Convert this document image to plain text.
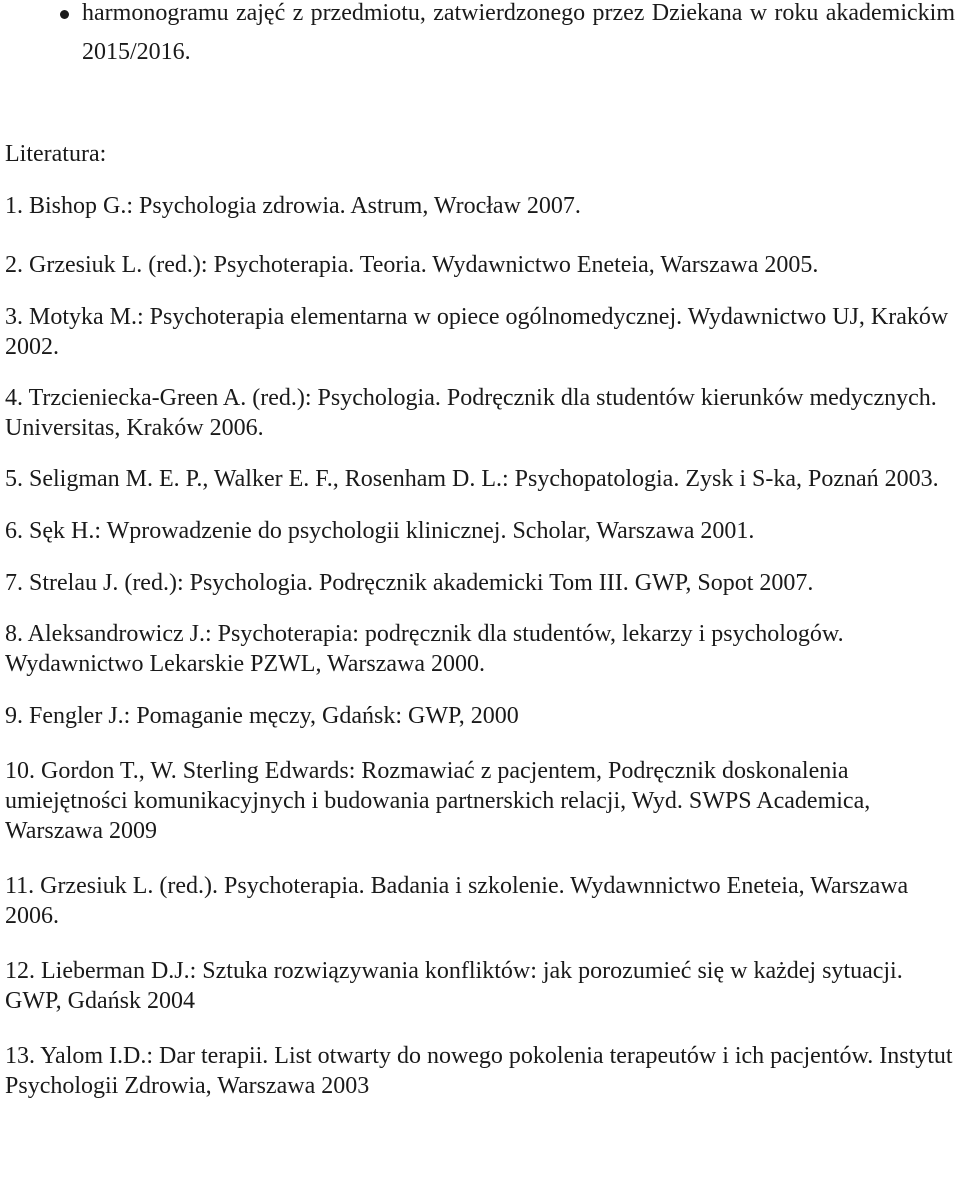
harmonogramu zajęć z przedmiotu, zatwierdzonego przez Dziekana w roku akademickim 2015/2016.
Literatura:
1. Bishop G.: Psychologia zdrowia. Astrum, Wrocław 2007.
2. Grzesiuk L. (red.): Psychoterapia. Teoria. Wydawnictwo Eneteia, Warszawa 2005.
3. Motyka M.: Psychoterapia elementarna w opiece ogólnomedycznej. Wydawnictwo UJ, Kraków 2002.
4. Trzcieniecka-Green A. (red.): Psychologia. Podręcznik dla studentów kierunków medycznych. Universitas, Kraków 2006.
5. Seligman M. E. P., Walker E. F., Rosenham D. L.: Psychopatologia. Zysk i S-ka, Poznań 2003.
6. Sęk H.: Wprowadzenie do psychologii klinicznej. Scholar, Warszawa 2001.
7. Strelau J. (red.): Psychologia. Podręcznik akademicki Tom III. GWP, Sopot 2007.
8. Aleksandrowicz J.: Psychoterapia: podręcznik dla studentów, lekarzy i psychologów. Wydawnictwo Lekarskie PZWL, Warszawa 2000.
9. Fengler J.: Pomaganie męczy, Gdańsk: GWP, 2000
10. Gordon T., W. Sterling Edwards: Rozmawiać z pacjentem, Podręcznik doskonalenia umiejętności komunikacyjnych i budowania partnerskich relacji, Wyd. SWPS Academica, Warszawa 2009
11. Grzesiuk L. (red.). Psychoterapia. Badania i szkolenie. Wydawnnictwo Eneteia, Warszawa 2006.
12. Lieberman D.J.: Sztuka rozwiązywania konfliktów: jak porozumieć się w każdej sytuacji. GWP, Gdańsk 2004
13. Yalom I.D.: Dar terapii. List otwarty do nowego pokolenia terapeutów i ich pacjentów. Instytut Psychologii Zdrowia, Warszawa 2003
